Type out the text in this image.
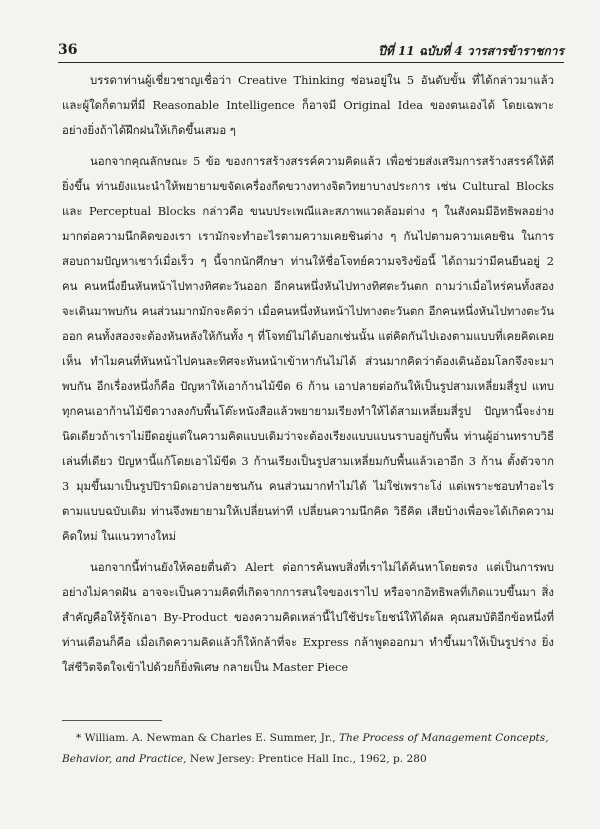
36	ปีที่ 11 ฉบับที่ 4 วารสารข้าราชการ

บรรดาท่านผู้เชี่ยวชาญเชื่อว่า Creative Thinking ซ่อนอยู่ใน 5 อันดับขั้น ที่ได้กล่าวมาแล้ว และผู้ใดก็ตามที่มี Reasonable Intelligence ก็อาจมี Original Idea ของตนเองได้ โดยเฉพาะอย่างยิ่งถ้าได้ฝึกฝนให้เกิดขึ้นเสมอ ๆ

นอกจากคุณลักษณะ 5 ข้อ ของการสร้างสรรค์ความคิดแล้ว เพื่อช่วยส่งเสริมการสร้างสรรค์ให้ดียิ่งขึ้น ท่านยังแนะนำให้พยายามขจัดเครื่องกีดขวางทางจิตวิทยาบางประการ เช่น Cultural Blocks และ Perceptual Blocks กล่าวคือ ขนบประเพณีและสภาพแวดล้อมต่าง ๆ ในสังคมมีอิทธิพลอย่างมากต่อความนึกคิดของเรา เรามักจะทำอะไรตามความเคยชินต่าง ๆ กันไปตามความเคยชิน ในการสอบถามปัญหาเชาว์เมื่อเร็ว ๆ นี้จากนักศึกษา ท่านให้ชื่อโจทย์ความจริงข้อนี้ ได้ถามว่ามีคนยืนอยู่ 2 คน คนหนึ่งยืนหันหน้าไปทางทิศตะวันออก อีกคนหนึ่งหันไปทางทิศตะวันตก ถามว่าเมื่อไหร่คนทั้งสองจะเดินมาพบกัน คนส่วนมากมักจะคิดว่า เมื่อคนหนึ่งหันหน้าไปทางตะวันตก อีกคนหนึ่งหันไปทางตะวันออก คนทั้งสองจะต้องหันหลังให้กันทั้ง ๆ ที่โจทย์ไม่ได้บอกเช่นนั้น แต่คิดกันไปเองตามแบบที่เคยคิดเคยเห็น ทำไมคนที่หันหน้าไปคนละทิศจะหันหน้าเข้าหากันไม่ได้ ส่วนมากคิดว่าต้องเดินอ้อมโลกจึงจะมาพบกัน อีกเรื่องหนึ่งก็คือ ปัญหาให้เอาก้านไม้ขีด 6 ก้าน เอาปลายต่อกันให้เป็นรูปสามเหลี่ยมสี่รูป แทบทุกคนเอาก้านไม้ขีดวางลงกับพื้นโต๊ะหนังสือแล้วพยายามเรียงทำให้ได้สามเหลี่ยมสี่รูป ปัญหานี้จะง่ายนิดเดียวถ้าเราไม่ยึดอยู่แต่ในความคิดแบบเดิมว่าจะต้องเรียงแบบแบนราบอยู่กับพื้น ท่านผู้อ่านทราบวิธีเล่นที่เดียว ปัญหานี้แก้โดยเอาไม้ขีด 3 ก้านเรียงเป็นรูปสามเหลี่ยมกับพื้นแล้วเอาอีก 3 ก้าน ตั้งตัวจาก 3 มุมขึ้นมาเป็นรูปปิรามิดเอาปลายชนกัน คนส่วนมากทำไม่ได้ ไม่ใช่เพราะโง่ แต่เพราะชอบทำอะไรตามแบบฉบับเดิม ท่านจึงพยายามให้เปลี่ยนท่าที เปลี่ยนความนึกคิด วิธีคิด เสียบ้างเพื่อจะได้เกิดความคิดใหม่ ในแนวทางใหม่

นอกจากนี้ท่านยังให้คอยตื่นตัว Alert ต่อการค้นพบสิ่งที่เราไม่ได้ค้นหาโดยตรง แต่เป็นการพบอย่างไม่คาดฝัน อาจจะเป็นความคิดที่เกิดจากการสนใจของเราไป หรือจากอิทธิพลที่เกิดแวบขึ้นมา สิ่งสำคัญคือให้รู้จักเอา By-Product ของความคิดเหล่านี้ไปใช้ประโยชน์ให้ได้ผล คุณสมบัติอีกข้อหนึ่งที่ท่านเตือนก็คือ เมื่อเกิดความคิดแล้วก็ให้กล้าที่จะ Express กล้าพูดออกมา ทำขึ้นมาให้เป็นรูปร่าง ยิ่งใส่ชีวิตจิตใจเข้าไปด้วยก็ยิ่งพิเศษ กลายเป็น Master Piece

* William. A. Newman & Charles E. Summer, Jr., The Process of Management Concepts, Behavior, and Practice, New Jersey: Prentice Hall Inc., 1962, p. 280
